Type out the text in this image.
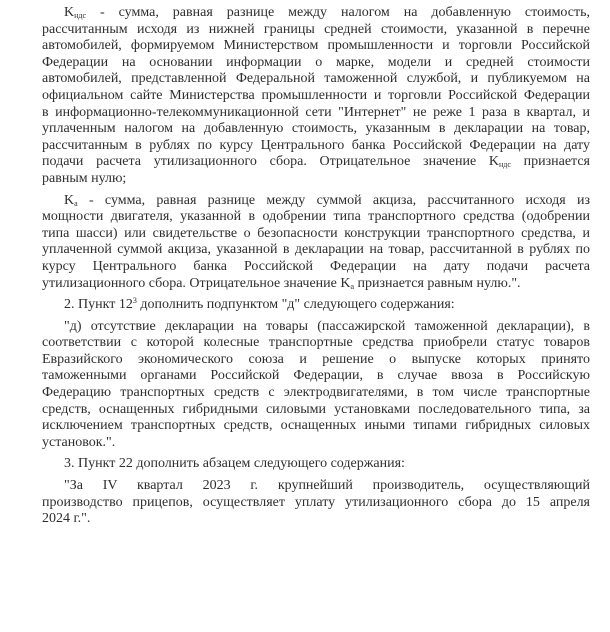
$K_{ндс}$ - сумма, равная разнице между налогом на добавленную стоимость,
рассчитанным исходя из нижней границы средней стоимости, указанной в перечне
автомобилей, формируемом Министерством промышленности и торговли Российской
Федерации на основании информации о марке, модели и средней стоимости
автомобилей, представленной Федеральной таможенной службой, и публикуемом на
официальном сайте Министерства промышленности и торговли Российской Федерации
в информационно-телекоммуникационной сети "Интернет" не реже 1 раза в квартал, и
уплаченным налогом на добавленную стоимость, указанным в декларации на товар,
рассчитанным в рублях по курсу Центрального банка Российской Федерации на дату
подачи расчета утилизационного сбора. Отрицательное значение $K_{ндс}$ признается
равным нулю;
$K_а$ - сумма, равная разнице между суммой акциза, рассчитанного исходя из
мощности двигателя, указанной в одобрении типа транспортного средства (одобрении
типа шасси) или свидетельстве о безопасности конструкции транспортного средства, и
уплаченной суммой акциза, указанной в декларации на товар, рассчитанной в рублях по
курсу Центрального банка Российской Федерации на дату подачи расчета
утилизационного сбора. Отрицательное значение $K_а$ признается равным нулю.".
2. Пункт $12^3$ дополнить подпунктом "д" следующего содержания:
"д) отсутствие декларации на товары (пассажирской таможенной декларации), в
соответствии с которой колесные транспортные средства приобрели статус товаров
Евразийского экономического союза и решение о выпуске которых принято
таможенными органами Российской Федерации, в случае ввоза в Российскую
Федерацию транспортных средств с электродвигателями, в том числе транспортные
средств, оснащенных гибридными силовыми установками последовательного типа, за
исключением транспортных средств, оснащенных иными типами гибридных силовых
установок.".
3. Пункт 22 дополнить абзацем следующего содержания:
"За IV квартал 2023 г. крупнейший производитель, осуществляющий
производство прицепов, осуществляет уплату утилизационного сбора до 15 апреля
2024 г.".
